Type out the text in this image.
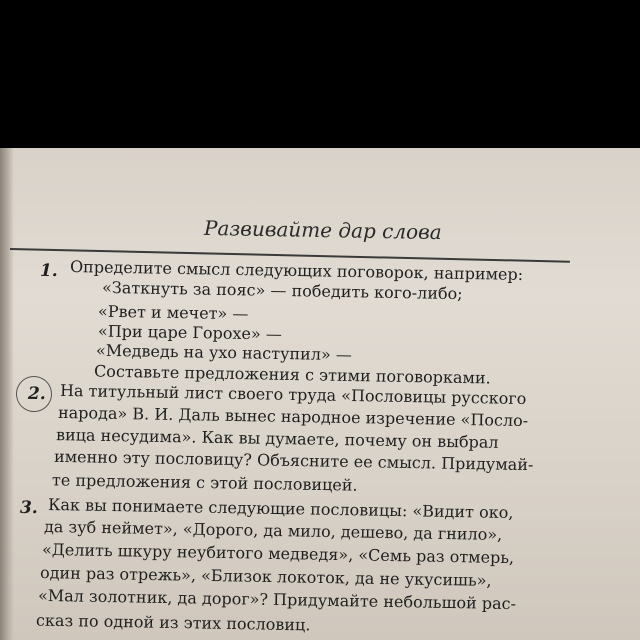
Развивайте дар слова
1. Определите смысл следующих поговорок, например:
«Заткнуть за пояс» — победить кого-либо;
«Рвет и мечет» —
«При царе Горохе» —
«Медведь на ухо наступил» —
Составьте предложения с этими поговорками.
2. На титульный лист своего труда «Пословицы русского
народа» В. И. Даль вынес народное изречение «Посло-
вица несудима». Как вы думаете, почему он выбрал
именно эту пословицу? Объясните ее смысл. Придумай-
те предложения с этой пословицей.
3. Как вы понимаете следующие пословицы: «Видит око,
да зуб неймет», «Дорого, да мило, дешево, да гнило»,
«Делить шкуру неубитого медведя», «Семь раз отмерь,
один раз отрежь», «Близок локоток, да не укусишь»,
«Мал золотник, да дорог»? Придумайте небольшой рас-
сказ по одной из этих пословиц.
